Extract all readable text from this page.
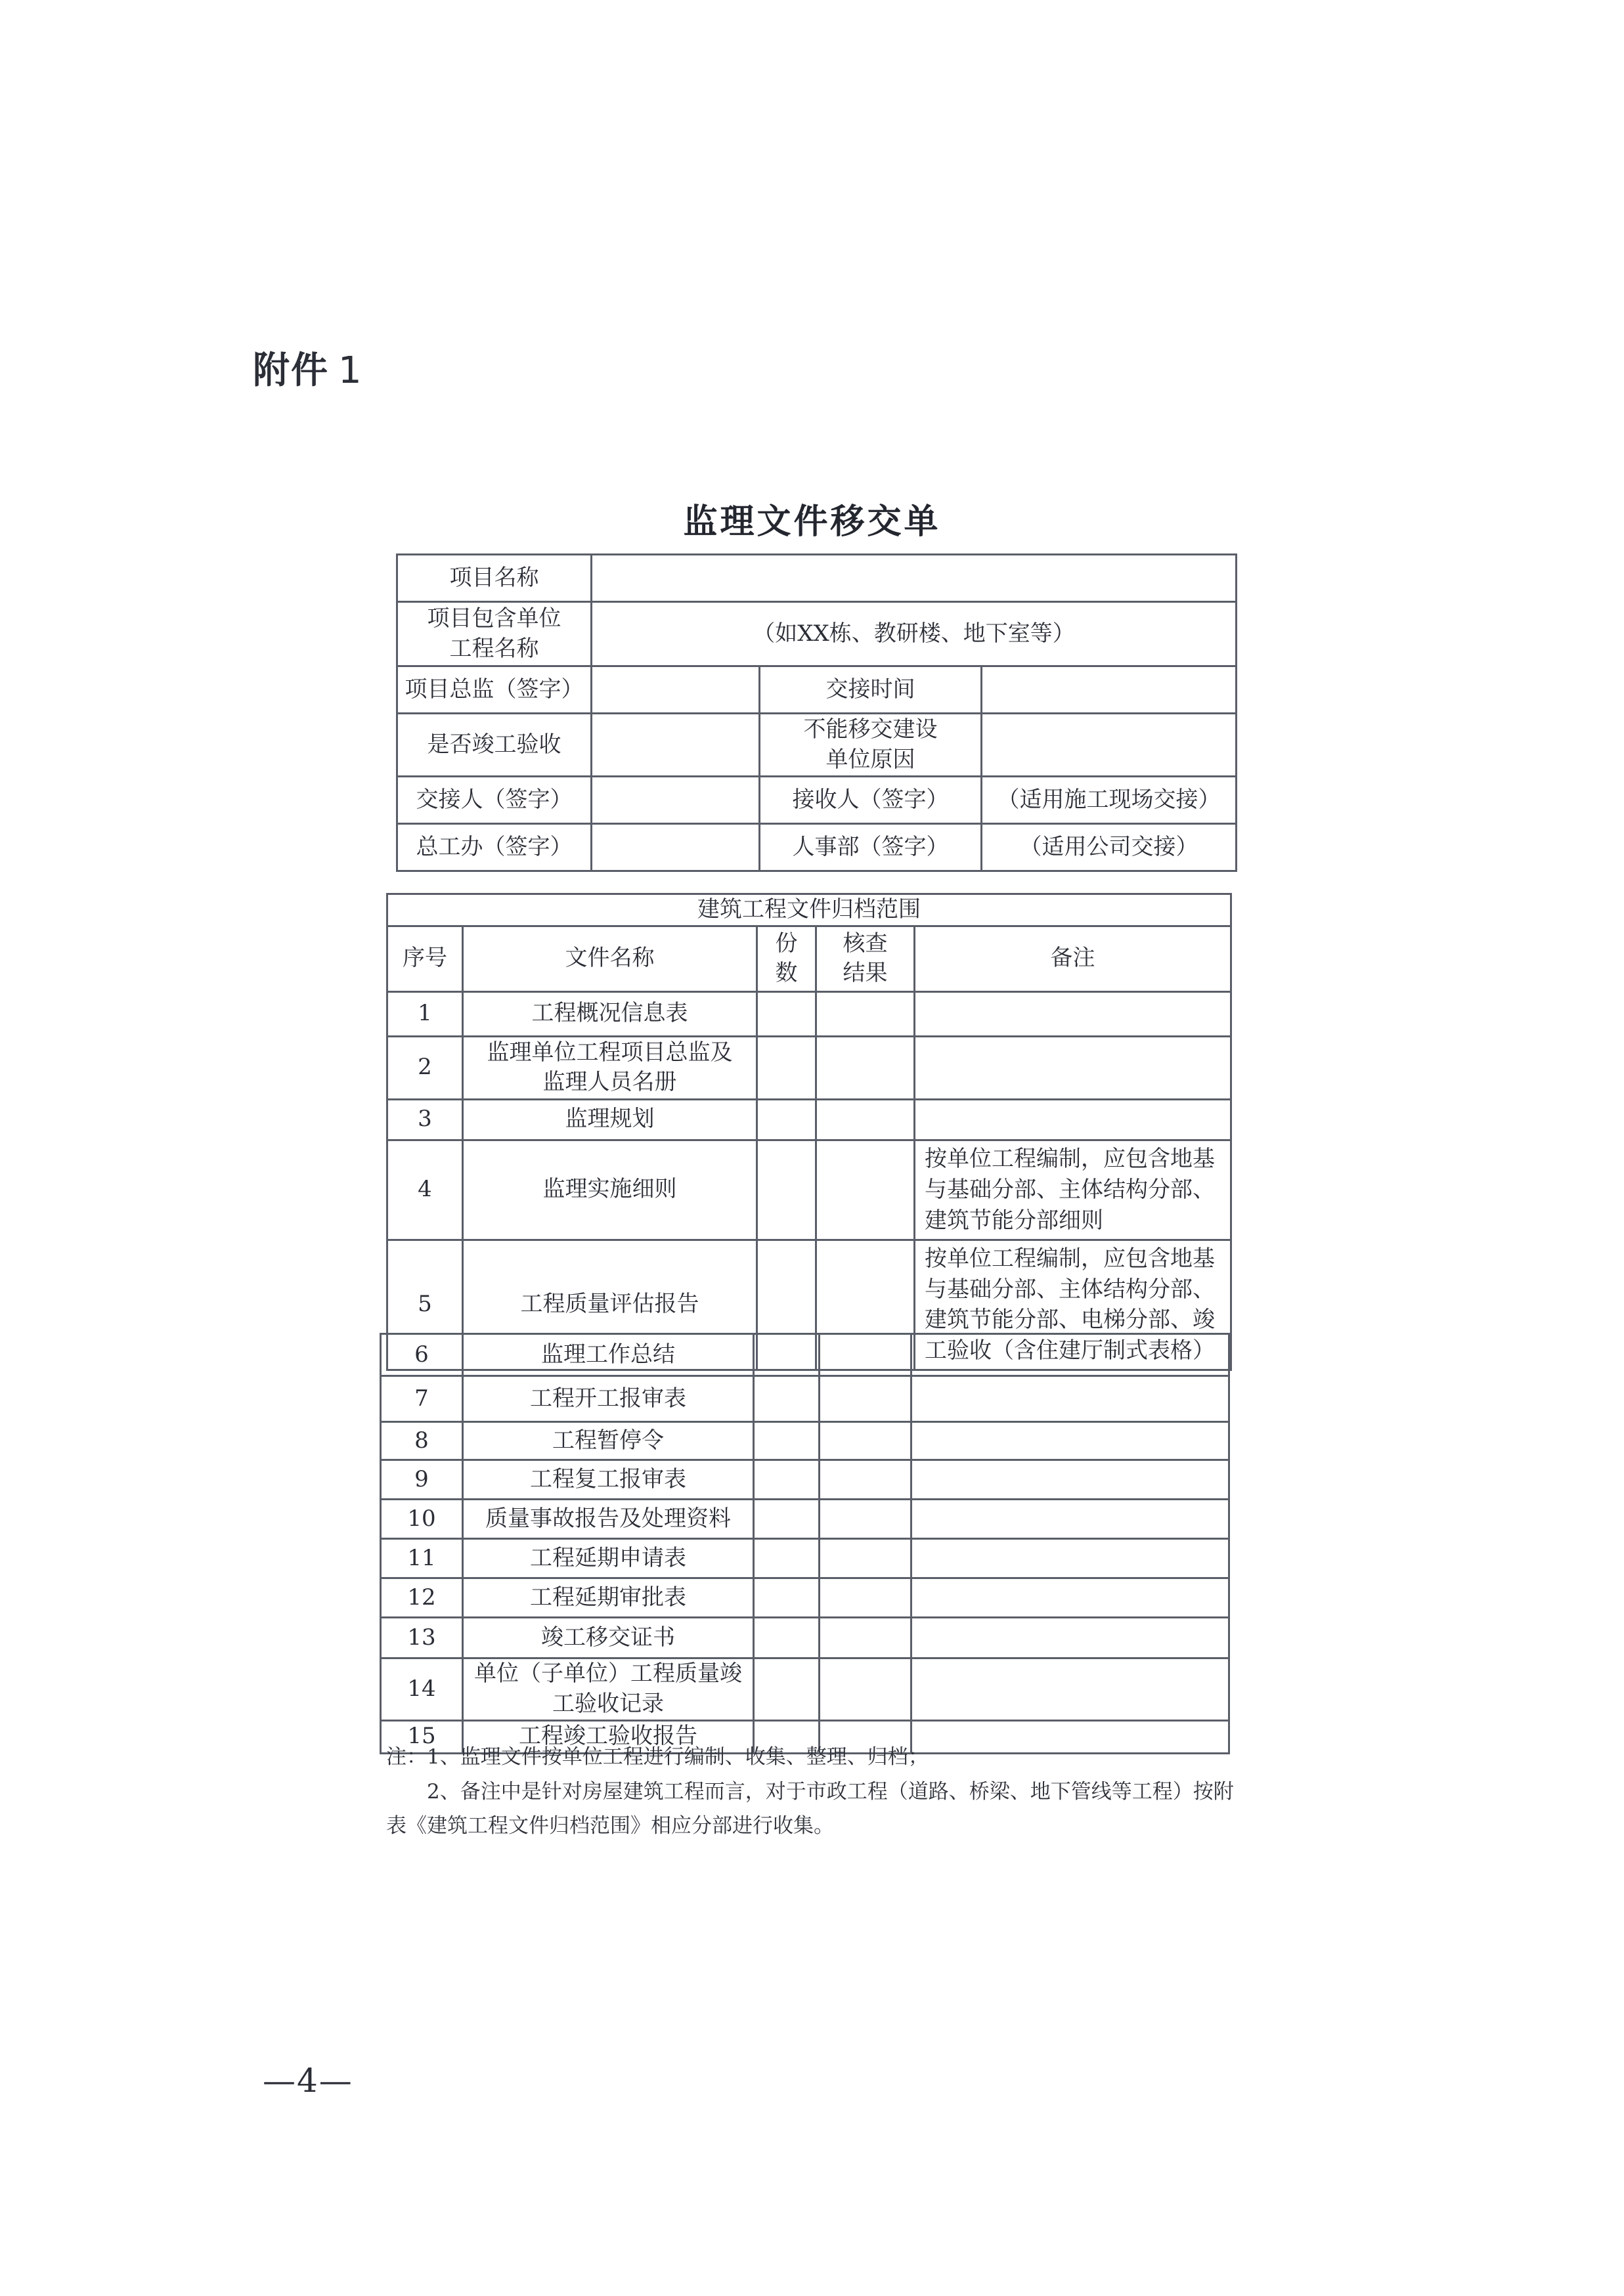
附件 1
监理文件移交单
项目名称			
项目包含单位工程名称	（如XX栋、教研楼、地下室等）		
项目总监（签字）		交接时间	
是否竣工验收		不能移交建设单位原因	
交接人（签字）		接收人（签字）	（适用施工现场交接）
总工办（签字）		人事部（签字）	（适用公司交接）
建筑工程文件归档范围				
序号	文件名称	份数	核查结果	备注
1	工程概况信息表			
2	监理单位工程项目总监及监理人员名册			
3	监理规划			
4	监理实施细则			按单位工程编制，应包含地基与基础分部、主体结构分部、建筑节能分部细则
5	工程质量评估报告			按单位工程编制，应包含地基与基础分部、主体结构分部、建筑节能分部、电梯分部、竣工验收（含住建厅制式表格）
6	监理工作总结			
7	工程开工报审表			
8	工程暂停令			
9	工程复工报审表			
10	质量事故报告及处理资料			
11	工程延期申请表			
12	工程延期审批表			
13	竣工移交证书			
14	单位（子单位）工程质量竣工验收记录			
15	工程竣工验收报告			

注：1、监理文件按单位工程进行编制、收集、整理、归档；

2、备注中是针对房屋建筑工程而言，对于市政工程（道路、桥梁、地下管线等工程）按附表《建筑工程文件归档范围》相应分部进行收集。

—4—
